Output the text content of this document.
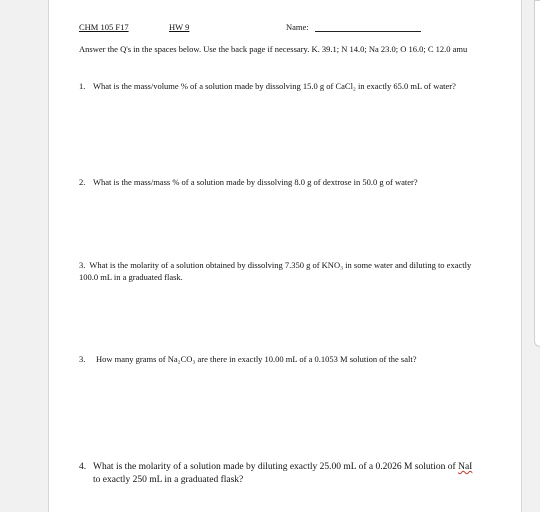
CHM 105 F17	HW 9	Name:
Answer the Q's in the spaces below. Use the back page if necessary. K. 39.1; N 14.0; Na 23.0; O 16.0; C 12.0 amu
1. What is the mass/volume % of a solution made by dissolving 15.0 g of CaCl₂ in exactly 65.0 mL of water?
2. What is the mass/mass % of a solution made by dissolving 8.0 g of dextrose in 50.0 g of water?
3. What is the molarity of a solution obtained by dissolving 7.350 g of KNO₃ in some water and diluting to exactly 100.0 mL in a graduated flask.
3. How many grams of Na₂CO₃ are there in exactly 10.00 mL of a 0.1053 M solution of the salt?
4. What is the molarity of a solution made by diluting exactly 25.00 mL of a 0.2026 M solution of NaI to exactly 250 mL in a graduated flask?
